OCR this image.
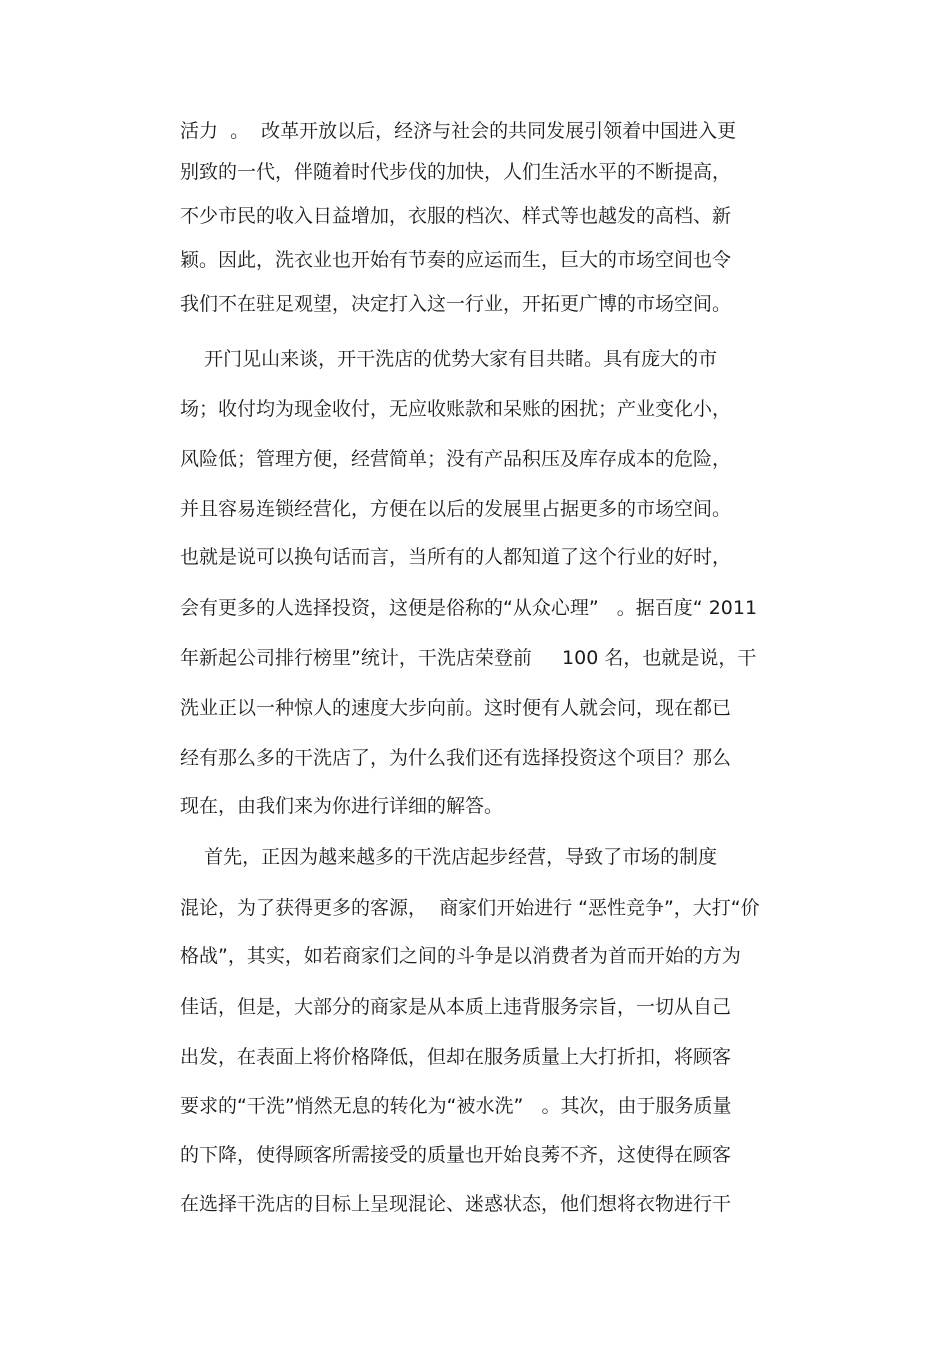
活力  。  改革开放以后，经济与社会的共同发展引领着中国进入更
别致的一代，伴随着时代步伐的加快，人们生活水平的不断提高，
不少市民的收入日益增加，衣服的档次、样式等也越发的高档、新
颖。因此，洗衣业也开始有节奏的应运而生，巨大的市场空间也令
我们不在驻足观望，决定打入这一行业，开拓更广博的市场空间。
开门见山来谈，开干洗店的优势大家有目共睹。具有庞大的市
场；收付均为现金收付，无应收账款和呆账的困扰；产业变化小，
风险低；管理方便，经营简单；没有产品积压及库存成本的危险，
并且容易连锁经营化，方便在以后的发展里占据更多的市场空间。
也就是说可以换句话而言，当所有的人都知道了这个行业的好时，
会有更多的人选择投资，这便是俗称的“从众心理”   。据百度“ 2011
年新起公司排行榜里”统计，干洗店荣登前     100 名，也就是说，干
洗业正以一种惊人的速度大步向前。这时便有人就会问，现在都已
经有那么多的干洗店了，为什么我们还有选择投资这个项目？那么
现在，由我们来为你进行详细的解答。
首先，正因为越来越多的干洗店起步经营，导致了市场的制度
混论，为了获得更多的客源，  商家们开始进行 “恶性竞争”，大打“价
格战”，其实，如若商家们之间的斗争是以消费者为首而开始的方为
佳话，但是，大部分的商家是从本质上违背服务宗旨，一切从自己
出发，在表面上将价格降低，但却在服务质量上大打折扣，将顾客
要求的“干洗”悄然无息的转化为“被水洗”   。其次，由于服务质量
的下降，使得顾客所需接受的质量也开始良莠不齐，这使得在顾客
在选择干洗店的目标上呈现混论、迷惑状态，他们想将衣物进行干
